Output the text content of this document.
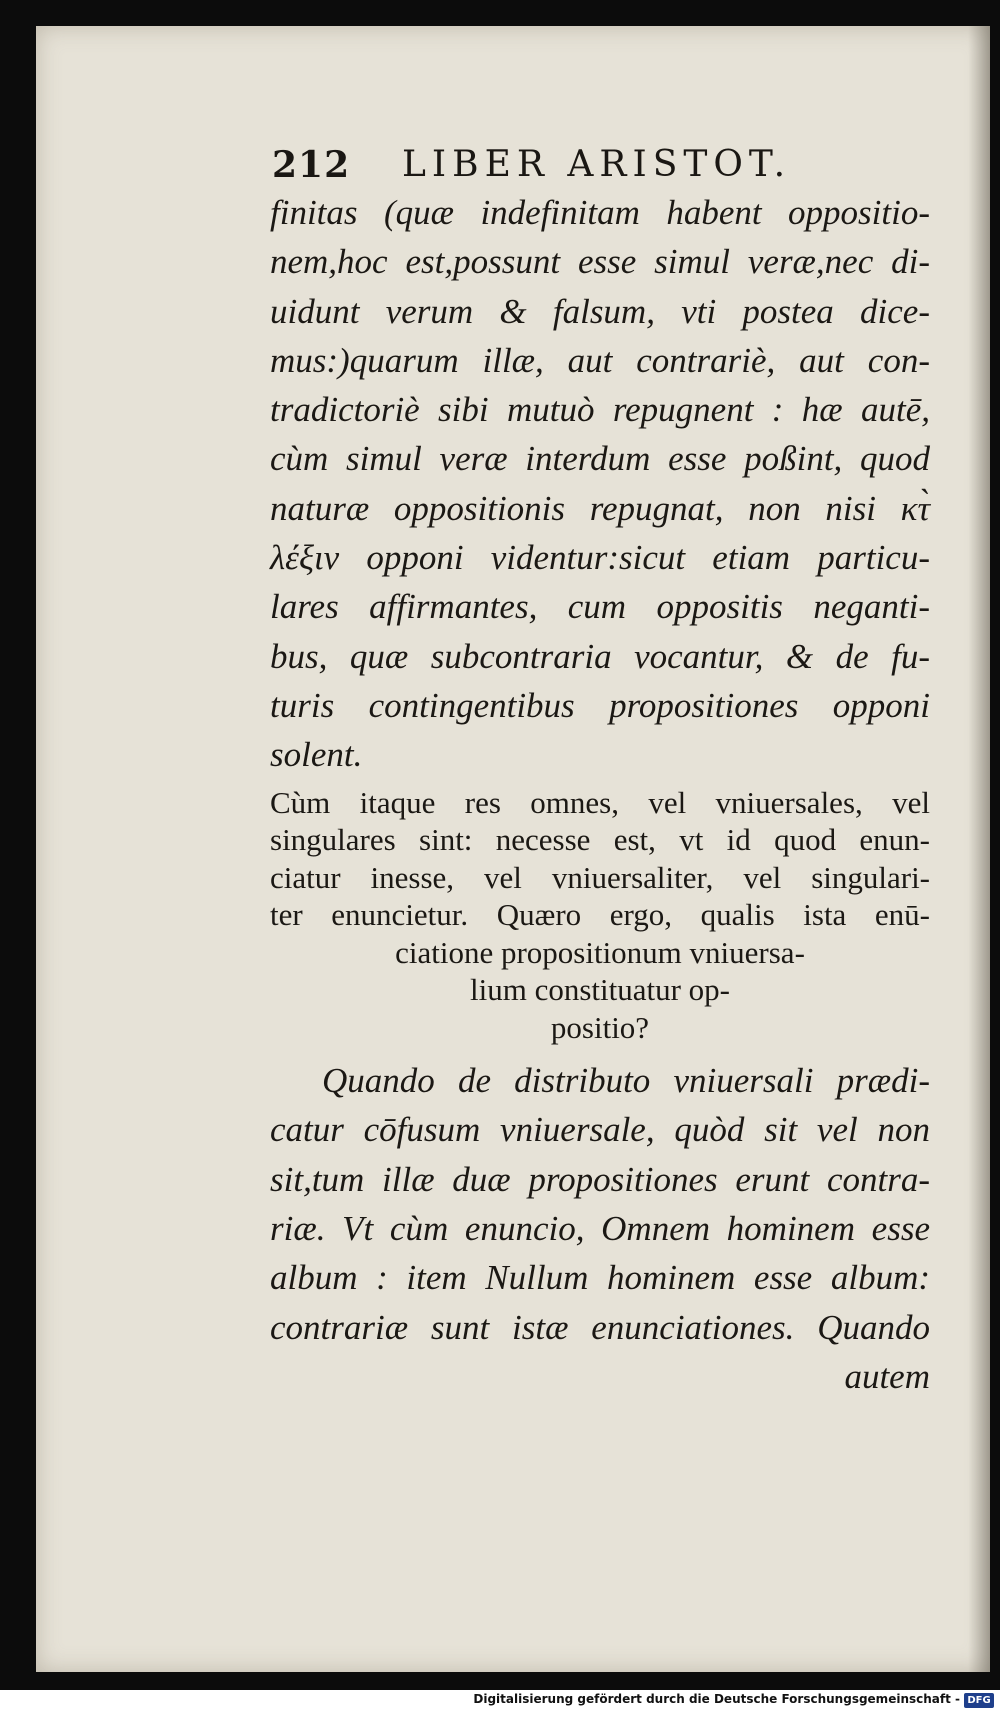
212 LIBER ARISTOT.
finitas (quæ indefinitam habent oppositio-
nem,hoc est,possunt esse simul veræ,nec di-
uidunt verum & falsum, vti postea dice-
mus:)quarum illæ, aut contrariè, aut con-
tradictoriè sibi mutuò repugnent : hæ autē,
cùm simul veræ interdum esse poßint, quod
naturæ oppositionis repugnat, non nisi κτ̀
λέξιν opponi videntur:sicut etiam particu-
lares affirmantes, cum oppositis neganti-
bus, quæ subcontraria vocantur, & de fu-
turis contingentibus propositiones opponi
solent.
Cùm itaque res omnes, vel vniuersales, vel
singulares sint: necesse est, vt id quod enun-
ciatur inesse, vel vniuersaliter, vel singulari-
ter enuncietur. Quæro ergo, qualis ista enū-
ciatione propositionum vniuersa-
lium constituatur op-
positio?
Quando de distributo vniuersali prædi-
catur cōfusum vniuersale, quòd sit vel non
sit,tum illæ duæ propositiones erunt contra-
riæ. Vt cùm enuncio, Omnem hominem esse
album : item Nullum hominem esse album:
contrariæ sunt istæ enunciationes. Quando
autem
Digitalisierung gefördert durch die Deutsche Forschungsgemeinschaft - DFG
